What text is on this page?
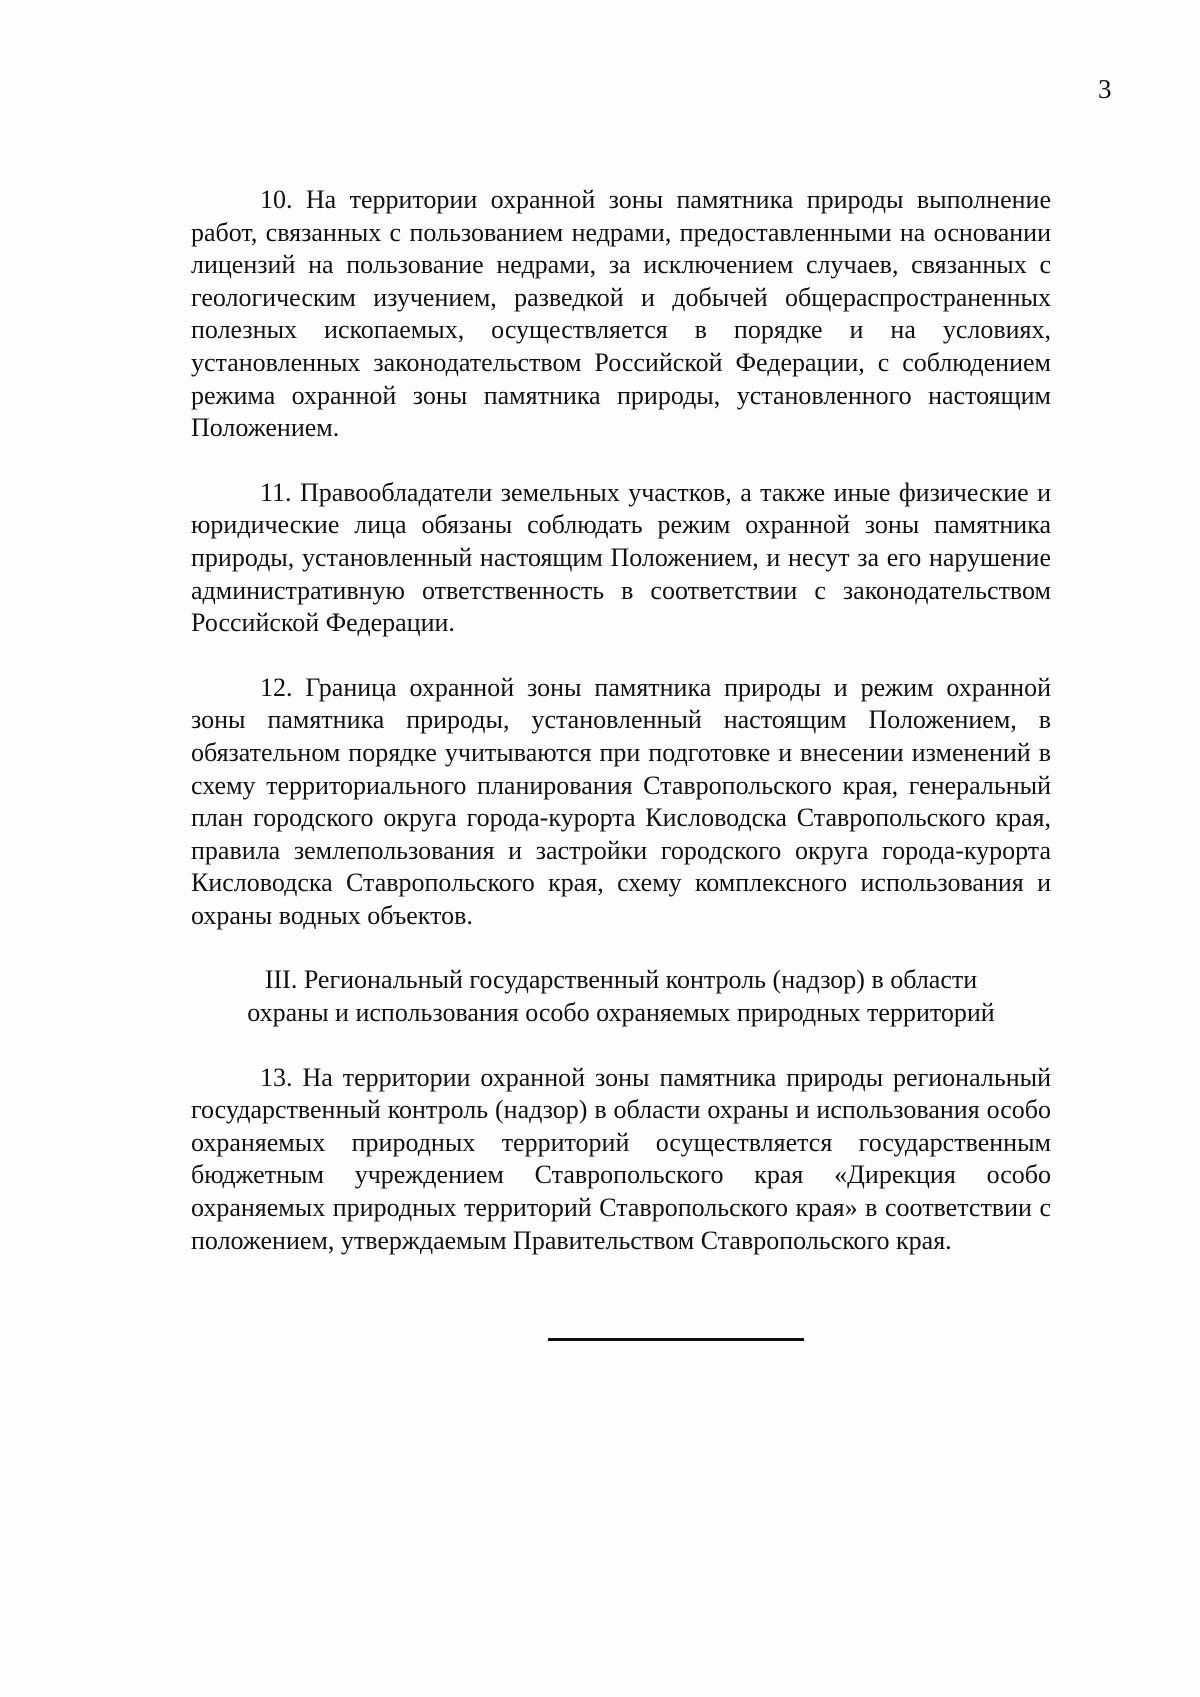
3

10. На территории охранной зоны памятника природы выполнение работ, связанных с пользованием недрами, предоставленными на основании лицензий на пользование недрами, за исключением случаев, связанных с геологическим изучением, разведкой и добычей общераспространенных полезных ископаемых, осуществляется в порядке и на условиях, установленных законодательством Российской Федерации, с соблюдением режима охранной зоны памятника природы, установленного настоящим Положением.

11. Правообладатели земельных участков, а также иные физические и юридические лица обязаны соблюдать режим охранной зоны памятника природы, установленный настоящим Положением, и несут за его нарушение административную ответственность в соответствии с законодательством Российской Федерации.

12. Граница охранной зоны памятника природы и режим охранной зоны памятника природы, установленный настоящим Положением, в обязательном порядке учитываются при подготовке и внесении изменений в схему территориального планирования Ставропольского края, генеральный план городского округа города-курорта Кисловодска Ставропольского края, правила землепользования и застройки городского округа города-курорта Кисловодска Ставропольского края, схему комплексного использования и охраны водных объектов.

III. Региональный государственный контроль (надзор) в области
охраны и использования особо охраняемых природных территорий

13. На территории охранной зоны памятника природы региональный государственный контроль (надзор) в области охраны и использования особо охраняемых природных территорий осуществляется государственным бюджетным учреждением Ставропольского края «Дирекция особо охраняемых природных территорий Ставропольского края» в соответствии с положением, утверждаемым Правительством Ставропольского края.
